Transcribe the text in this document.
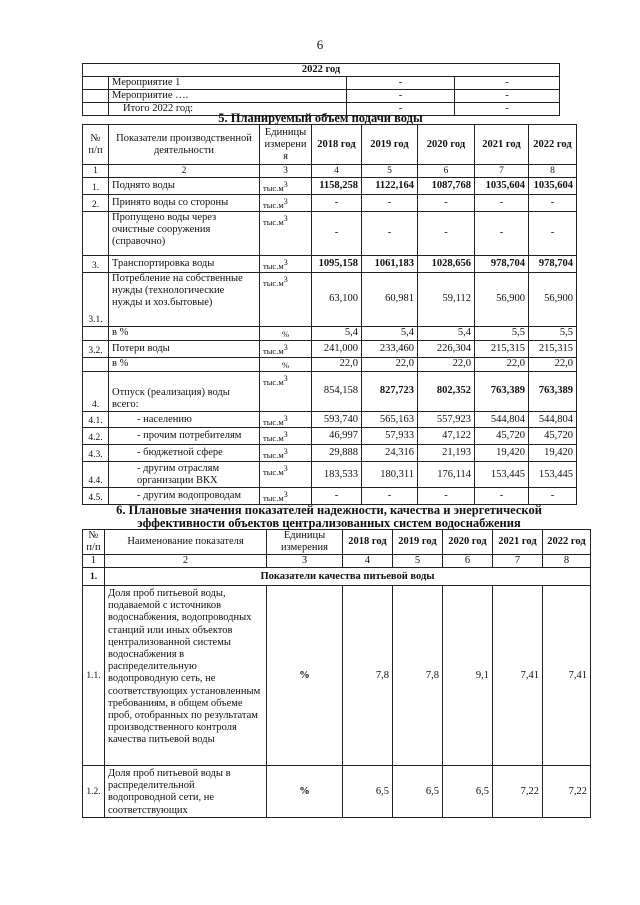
6
2022 год			
	Мероприятие 1	-	-
	Мероприятие ….	-	-
	Итого 2022 год:	-	-
5. Планируемый объем подачи воды
№ п/п	Показатели производственной деятельности	Единицы измерени я	2018 год	2019 год	2020 год	2021 год	2022 год
1	2	3	4	5	6	7	8
1.	Поднято воды	$тыс.м^3$	1158,258	1122,164	1087,768	1035,604	1035,604
2.	Принято воды со стороны	$тыс.м^3$	-	-	-	-	-
	Пропущено воды через очистные сооружения (справочно)	$тыс.м^3$	-	-	-	-	-
3.	Транспортировка воды	$тыс.м^3$	1095,158	1061,183	1028,656	978,704	978,704
3.1.	Потребление на собственные нужды (технологические нужды и хоз.бытовые)	$тыс.м^3$	63,100	60,981	59,112	56,900	56,900
	в %	%	5,4	5,4	5,4	5,5	5,5
3.2.	Потери воды	$тыс.м^3$	241,000	233,460	226,304	215,315	215,315
	в %	%	22,0	22,0	22,0	22,0	22,0
4.	Отпуск (реализация) воды всего:	$тыс.м^3$	854,158	827,723	802,352	763,389	763,389
4.1.	- населению	$тыс.м^3$	593,740	565,163	557,923	544,804	544,804
4.2.	- прочим потребителям	$тыс.м^3$	46,997	57,933	47,122	45,720	45,720
4.3.	- бюджетной сфере	$тыс.м^3$	29,888	24,316	21,193	19,420	19,420
4.4.	- другим отраслям организации ВКХ	$тыс.м^3$	183,533	180,311	176,114	153,445	153,445
4.5.	- другим водопроводам	$тыс.м^3$	-	-	-	-	-
6. Плановые значения показателей надежности, качества и энергетической
эффективности объектов централизованных систем водоснабжения
№ п/п	Наименование показателя	Единицы измерения	2018 год	2019 год	2020 год	2021 год	2022 год
1	2	3	4	5	6	7	8
1.	Показатели качества питьевой воды						
1.1.	Доля проб питьевой воды, подаваемой с источников водоснабжения, водопроводных станций или иных объектов централизованной системы водоснабжения в распределительную водопроводную сеть, не соответствующих установленным требованиям, в общем объеме проб, отобранных по результатам производственного контроля качества питьевой воды	%	7,8	7,8	9,1	7,41	7,41
1.2.	Доля проб питьевой воды в распределительной водопроводной сети, не соответствующих	%	6,5	6,5	6,5	7,22	7,22
